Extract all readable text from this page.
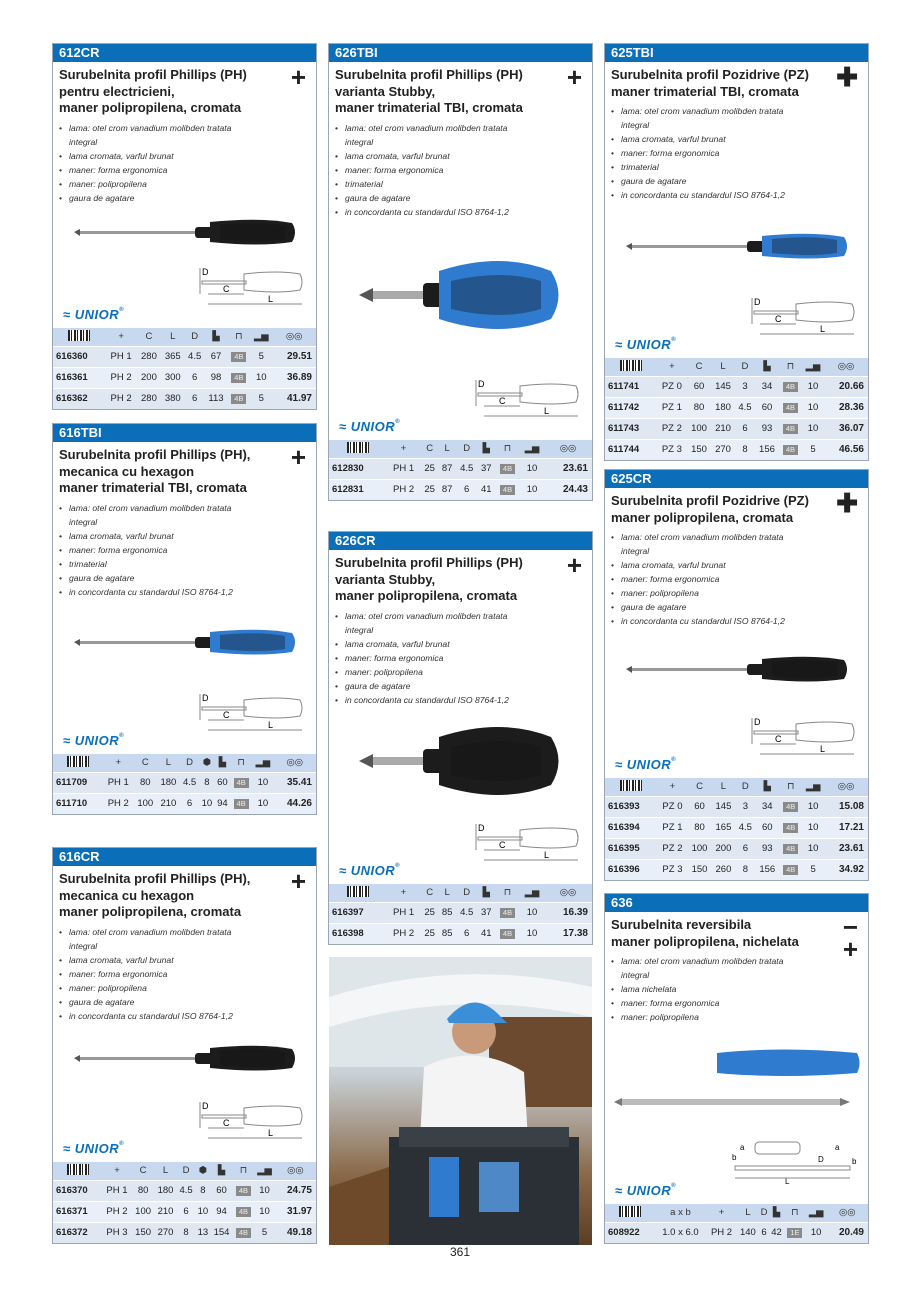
361
612CR
Surubelnita profil Phillips (PH)
pentru electricieni,
maner polipropilena, cromata
+
• lama: otel crom vanadium molibden tratata integral
• lama cromata, varful brunat
• maner: forma ergonomica
• maner: polipropilena
• gaura de agatare
D
C
L
≈ UNIOR®
	+	C	L	D	▙	⊓	▂▅	◎◎
616360	PH 1	280	365	4.5	67	4B	5	29.51
616361	PH 2	200	300	6	98	4B	10	36.89
616362	PH 2	280	380	6	113	4B	5	41.97
616TBI
Surubelnita profil Phillips (PH),
mecanica cu hexagon
maner trimaterial TBI, cromata
+
• lama: otel crom vanadium molibden tratata integral
• lama cromata, varful brunat
• maner: forma ergonomica
• trimaterial
• gaura de agatare
• in concordanta cu standardul ISO 8764-1,2
D
C
L
≈ UNIOR®
	+	C	L	D	⬢	▙	⊓	▂▅	◎◎
611709	PH 1	80	180	4.5	8	60	4B	10	35.41
611710	PH 2	100	210	6	10	94	4B	10	44.26
616CR
Surubelnita profil Phillips (PH),
mecanica cu hexagon
maner polipropilena, cromata
+
• lama: otel crom vanadium molibden tratata integral
• lama cromata, varful brunat
• maner: forma ergonomica
• maner: polipropilena
• gaura de agatare
• in concordanta cu standardul ISO 8764-1,2
D
C
L
≈ UNIOR®
	+	C	L	D	⬢	▙	⊓	▂▅	◎◎
616370	PH 1	80	180	4.5	8	60	4B	10	24.75
616371	PH 2	100	210	6	10	94	4B	10	31.97
616372	PH 3	150	270	8	13	154	4B	5	49.18
626TBI
Surubelnita profil Phillips (PH)
varianta Stubby,
maner trimaterial TBI, cromata
+
• lama: otel crom vanadium molibden tratata integral
• lama cromata, varful brunat
• maner: forma ergonomica
• trimaterial
• gaura de agatare
• in concordanta cu standardul ISO 8764-1,2
D
C
L
≈ UNIOR®
	+	C	L	D	▙	⊓	▂▅	◎◎
612830	PH 1	25	87	4.5	37	4B	10	23.61
612831	PH 2	25	87	6	41	4B	10	24.43
626CR
Surubelnita profil Phillips (PH)
varianta Stubby,
maner polipropilena, cromata
+
• lama: otel crom vanadium molibden tratata integral
• lama cromata, varful brunat
• maner: forma ergonomica
• maner: polipropilena
• gaura de agatare
• in concordanta cu standardul ISO 8764-1,2
D
C
L
≈ UNIOR®
	+	C	L	D	▙	⊓	▂▅	◎◎
616397	PH 1	25	85	4.5	37	4B	10	16.39
616398	PH 2	25	85	6	41	4B	10	17.38
625TBI
Surubelnita profil Pozidrive (PZ)
maner trimaterial TBI, cromata	✚
• lama: otel crom vanadium molibden tratata integral
• lama cromata, varful brunat
• maner: forma ergonomica
• trimaterial
• gaura de agatare
• in concordanta cu standardul ISO 8764-1,2
D
C
L
≈ UNIOR®
	+	C	L	D	▙	⊓	▂▅	◎◎
611741	PZ 0	60	145	3	34	4B	10	20.66
611742	PZ 1	80	180	4.5	60	4B	10	28.36
611743	PZ 2	100	210	6	93	4B	10	36.07
611744	PZ 3	150	270	8	156	4B	5	46.56
625CR
Surubelnita profil Pozidrive (PZ)
maner polipropilena, cromata	✚
• lama: otel crom vanadium molibden tratata integral
• lama cromata, varful brunat
• maner: forma ergonomica
• maner: polipropilena
• gaura de agatare
• in concordanta cu standardul ISO 8764-1,2
D
C
L
≈ UNIOR®
	+	C	L	D	▙	⊓	▂▅	◎◎
616393	PZ 0	60	145	3	34	4B	10	15.08
616394	PZ 1	80	165	4.5	60	4B	10	17.21
616395	PZ 2	100	200	6	93	4B	10	23.61
616396	PZ 3	150	260	8	156	4B	5	34.92
636
Surubelnita reversibila
maner polipropilena, nichelata	−
+
• lama: otel crom vanadium molibden tratata integral
• lama nichelata
• maner: forma ergonomica
• maner: polipropilena
a
b	D
L
a
b
≈ UNIOR®
	a x b	+	L	D	▙	⊓	▂▅	◎◎
608922	1.0 x 6.0	PH 2	140	6	42	1E	10	20.49
